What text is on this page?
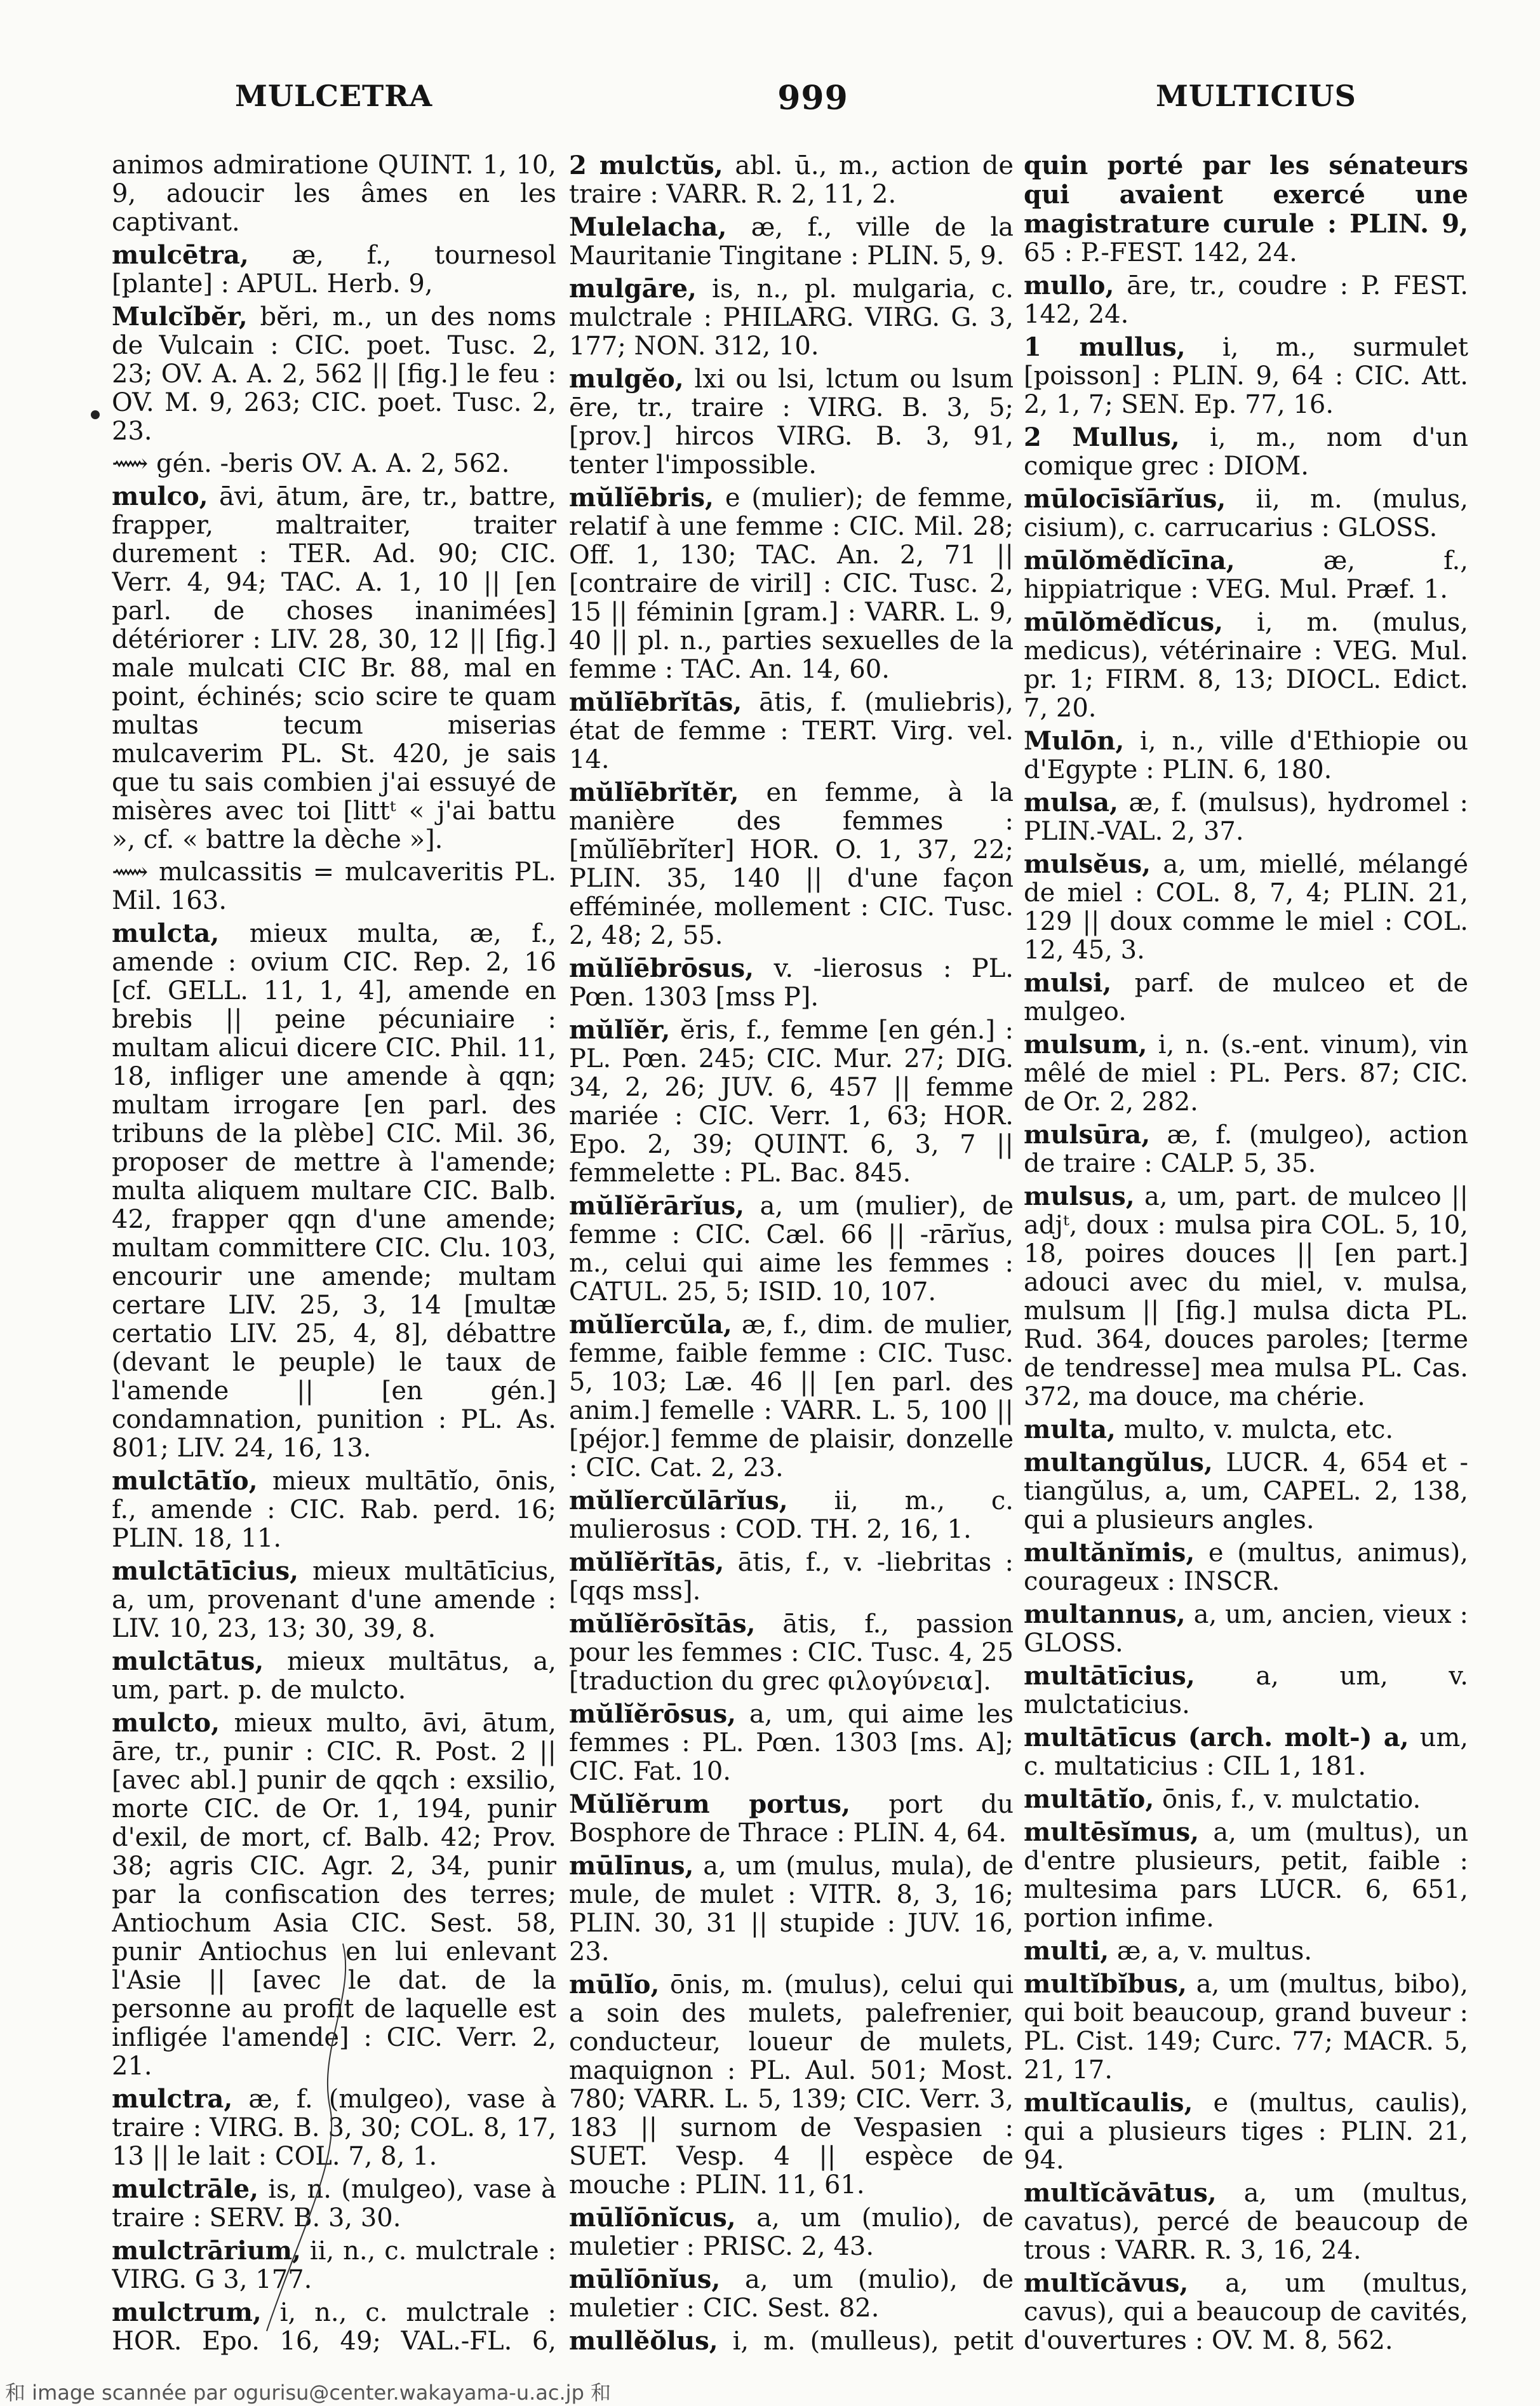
MULCETRA	999	MULTICIUS
animos admiratione QUINT. 1, 10, 9, adoucir les âmes en les captivant.
mulcētra, æ, f., tournesol [plante] : APUL. Herb. 9,
Mulcĭbĕr, bĕri, m., un des noms de Vulcain : CIC. poet. Tusc. 2, 23; OV. A. A. 2, 562 || [fig.] le feu : OV. M. 9, 263; CIC. poet. Tusc. 2, 23.
⟿ gén. -beris OV. A. A. 2, 562.
mulco, āvi, ātum, āre, tr., battre, frapper, maltraiter, traiter durement : TER. Ad. 90; CIC. Verr. 4, 94; TAC. A. 1, 10 || [en parl. de choses inanimées] détériorer : LIV. 28, 30, 12 || [fig.] male mulcati CIC Br. 88, mal en point, échinés; scio scire te quam multas tecum miserias mulcaverim PL. St. 420, je sais que tu sais combien j'ai essuyé de misères avec toi [littᵗ « j'ai battu », cf. « battre la dèche »].
⟿ mulcassitis = mulcaveritis PL. Mil. 163.
mulcta, mieux multa, æ, f., amende : ovium CIC. Rep. 2, 16 [cf. GELL. 11, 1, 4], amende en brebis || peine pécuniaire : multam alicui dicere CIC. Phil. 11, 18, infliger une amende à qqn; multam irrogare [en parl. des tribuns de la plèbe] CIC. Mil. 36, proposer de mettre à l'amende; multa aliquem multare CIC. Balb. 42, frapper qqn d'une amende; multam committere CIC. Clu. 103, encourir une amende; multam certare LIV. 25, 3, 14 [multæ certatio LIV. 25, 4, 8], débattre (devant le peuple) le taux de l'amende || [en gén.] condamnation, punition : PL. As. 801; LIV. 24, 16, 13.
mulctātĭo, mieux multātĭo, ōnis, f., amende : CIC. Rab. perd. 16; PLIN. 18, 11.
mulctātīcius, mieux multātīcius, a, um, provenant d'une amende : LIV. 10, 23, 13; 30, 39, 8.
mulctātus, mieux multātus, a, um, part. p. de mulcto.
mulcto, mieux multo, āvi, ātum, āre, tr., punir : CIC. R. Post. 2 || [avec abl.] punir de qqch : exsilio, morte CIC. de Or. 1, 194, punir d'exil, de mort, cf. Balb. 42; Prov. 38; agris CIC. Agr. 2, 34, punir par la confiscation des terres; Antiochum Asia CIC. Sest. 58, punir Antiochus en lui enlevant l'Asie || [avec le dat. de la personne au profit de laquelle est infligée l'amende] : CIC. Verr. 2, 21.
mulctra, æ, f. (mulgeo), vase à traire : VIRG. B. 3, 30; COL. 8, 17, 13 || le lait : COL. 7, 8, 1.
mulctrāle, is, n. (mulgeo), vase à traire : SERV. B. 3, 30.
mulctrārium, ii, n., c. mulctrale : VIRG. G 3, 177.
mulctrum, i, n., c. mulctrale : HOR. Epo. 16, 49; VAL.-FL. 6,
2 mulctŭs, abl. ū., m., action de traire : VARR. R. 2, 11, 2.
Mulelacha, æ, f., ville de la Mauritanie Tingitane : PLIN. 5, 9.
mulgāre, is, n., pl. mulgaria, c. mulctrale : PHILARG. VIRG. G. 3, 177; NON. 312, 10.
mulgĕo, lxi ou lsi, lctum ou lsum ēre, tr., traire : VIRG. B. 3, 5; [prov.] hircos VIRG. B. 3, 91, tenter l'impossible.
mŭlĭēbris, e (mulier); de femme, relatif à une femme : CIC. Mil. 28; Off. 1, 130; TAC. An. 2, 71 || [contraire de viril] : CIC. Tusc. 2, 15 || féminin [gram.] : VARR. L. 9, 40 || pl. n., parties sexuelles de la femme : TAC. An. 14, 60.
mŭlĭēbrĭtās, ātis, f. (muliebris), état de femme : TERT. Virg. vel. 14.
mŭlĭēbrĭtĕr, en femme, à la manière des femmes : [mŭlĭēbrĭter] HOR. O. 1, 37, 22; PLIN. 35, 140 || d'une façon efféminée, mollement : CIC. Tusc. 2, 48; 2, 55.
mŭlĭēbrōsus, v. -lierosus : PL. Pœn. 1303 [mss P].
mŭlĭĕr, ĕris, f., femme [en gén.] : PL. Pœn. 245; CIC. Mur. 27; DIG. 34, 2, 26; JUV. 6, 457 || femme mariée : CIC. Verr. 1, 63; HOR. Epo. 2, 39; QUINT. 6, 3, 7 || femmelette : PL. Bac. 845.
mŭlĭĕrārĭus, a, um (mulier), de femme : CIC. Cæl. 66 || -rārĭus, m., celui qui aime les femmes : CATUL. 25, 5; ISID. 10, 107.
mŭlĭercŭla, æ, f., dim. de mulier, femme, faible femme : CIC. Tusc. 5, 103; Læ. 46 || [en parl. des anim.] femelle : VARR. L. 5, 100 || [péjor.] femme de plaisir, donzelle : CIC. Cat. 2, 23.
mŭlĭercŭlārĭus, ii, m., c. mulierosus : COD. TH. 2, 16, 1.
mŭlĭĕrĭtās, ātis, f., v. -liebritas : [qqs mss].
mŭlĭĕrōsĭtās, ātis, f., passion pour les femmes : CIC. Tusc. 4, 25 [traduction du grec φιλογύνεια].
mŭlĭĕrōsus, a, um, qui aime les femmes : PL. Pœn. 1303 [ms. A]; CIC. Fat. 10.
Mŭlĭĕrum portus, port du Bosphore de Thrace : PLIN. 4, 64.
mūlīnus, a, um (mulus, mula), de mule, de mulet : VITR. 8, 3, 16; PLIN. 30, 31 || stupide : JUV. 16, 23.
mūlĭo, ōnis, m. (mulus), celui qui a soin des mulets, palefrenier, conducteur, loueur de mulets, maquignon : PL. Aul. 501; Most. 780; VARR. L. 5, 139; CIC. Verr. 3, 183 || surnom de Vespasien : SUET. Vesp. 4 || espèce de mouche : PLIN. 11, 61.
mūlĭōnĭcus, a, um (mulio), de muletier : PRISC. 2, 43.
mūlĭōnĭus, a, um (mulio), de muletier : CIC. Sest. 82.
mullĕŏlus, i, m. (mulleus), petit
quin porté par les sénateurs qui avaient exercé une magistrature curule : PLIN. 9, 65 : P.-FEST. 142, 24.
mullo, āre, tr., coudre : P. FEST. 142, 24.
1 mullus, i, m., surmulet [poisson] : PLIN. 9, 64 : CIC. Att. 2, 1, 7; SEN. Ep. 77, 16.
2 Mullus, i, m., nom d'un comique grec : DIOM.
mūlocīsĭārĭus, ii, m. (mulus, cisium), c. carrucarius : GLOSS.
mūlŏmĕdĭcīna, æ, f., hippiatrique : VEG. Mul. Præf. 1.
mūlŏmĕdĭcus, i, m. (mulus, medicus), vétérinaire : VEG. Mul. pr. 1; FIRM. 8, 13; DIOCL. Edict. 7, 20.
Mulōn, i, n., ville d'Ethiopie ou d'Egypte : PLIN. 6, 180.
mulsa, æ, f. (mulsus), hydromel : PLIN.-VAL. 2, 37.
mulsĕus, a, um, miellé, mélangé de miel : COL. 8, 7, 4; PLIN. 21, 129 || doux comme le miel : COL. 12, 45, 3.
mulsi, parf. de mulceo et de mulgeo.
mulsum, i, n. (s.-ent. vinum), vin mêlé de miel : PL. Pers. 87; CIC. de Or. 2, 282.
mulsūra, æ, f. (mulgeo), action de traire : CALP. 5, 35.
mulsus, a, um, part. de mulceo || adjᵗ, doux : mulsa pira COL. 5, 10, 18, poires douces || [en part.] adouci avec du miel, v. mulsa, mulsum || [fig.] mulsa dicta PL. Rud. 364, douces paroles; [terme de tendresse] mea mulsa PL. Cas. 372, ma douce, ma chérie.
multa, multo, v. mulcta, etc.
multangŭlus, LUCR. 4, 654 et -tiangŭlus, a, um, CAPEL. 2, 138, qui a plusieurs angles.
multănĭmis, e (multus, animus), courageux : INSCR.
multannus, a, um, ancien, vieux : GLOSS.
multātīcius, a, um, v. mulctaticius.
multātīcus (arch. molt-) a, um, c. multaticius : CIL 1, 181.
multātĭo, ōnis, f., v. mulctatio.
multēsĭmus, a, um (multus), un d'entre plusieurs, petit, faible : multesima pars LUCR. 6, 651, portion infime.
multi, æ, a, v. multus.
multĭbĭbus, a, um (multus, bibo), qui boit beaucoup, grand buveur : PL. Cist. 149; Curc. 77; MACR. 5, 21, 17.
multĭcaulis, e (multus, caulis), qui a plusieurs tiges : PLIN. 21, 94.
multĭcăvātus, a, um (multus, cavatus), percé de beaucoup de trous : VARR. R. 3, 16, 24.
multĭcăvus, a, um (multus, cavus), qui a beaucoup de cavités, d'ouvertures : OV. M. 8, 562.
和 image scannée par ogurisu@center.wakayama-u.ac.jp 和
